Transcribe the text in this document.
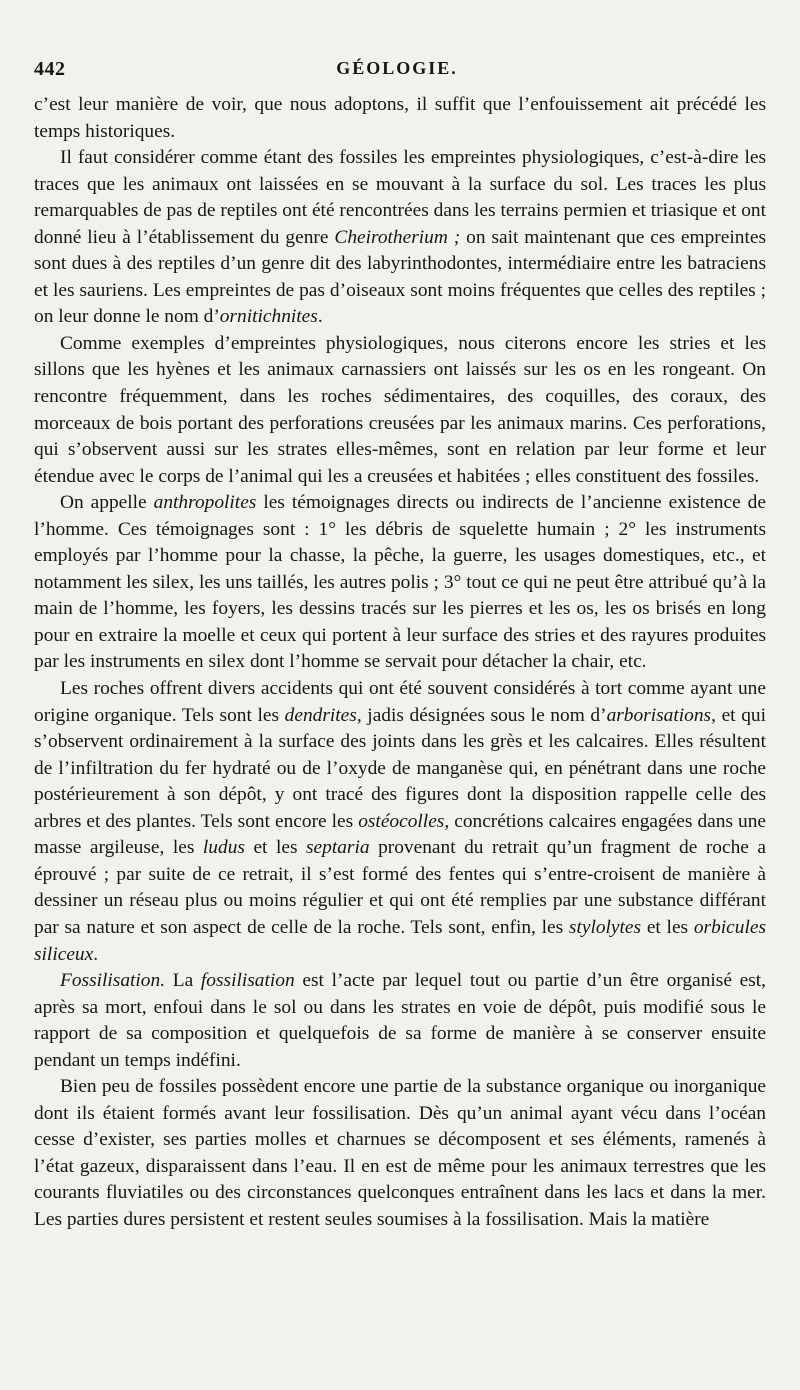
442	GÉOLOGIE.

c’est leur manière de voir, que nous adoptons, il suffit que l’enfouissement ait précédé les temps historiques.

Il faut considérer comme étant des fossiles les empreintes physiologiques, c’est-à-dire les traces que les animaux ont laissées en se mouvant à la surface du sol. Les traces les plus remarquables de pas de reptiles ont été rencontrées dans les terrains permien et triasique et ont donné lieu à l’établissement du genre Cheirotherium ; on sait maintenant que ces empreintes sont dues à des reptiles d’un genre dit des labyrinthodontes, intermédiaire entre les batraciens et les sauriens. Les empreintes de pas d’oiseaux sont moins fréquentes que celles des reptiles ; on leur donne le nom d’ornitichnites.

Comme exemples d’empreintes physiologiques, nous citerons encore les stries et les sillons que les hyènes et les animaux carnassiers ont laissés sur les os en les rongeant. On rencontre fréquemment, dans les roches sédimentaires, des coquilles, des coraux, des morceaux de bois portant des perforations creusées par les animaux marins. Ces perforations, qui s’observent aussi sur les strates elles-mêmes, sont en relation par leur forme et leur étendue avec le corps de l’animal qui les a creusées et habitées ; elles constituent des fossiles.

On appelle anthropolites les témoignages directs ou indirects de l’ancienne existence de l’homme. Ces témoignages sont : 1° les débris de squelette humain ; 2° les instruments employés par l’homme pour la chasse, la pêche, la guerre, les usages domestiques, etc., et notamment les silex, les uns taillés, les autres polis ; 3° tout ce qui ne peut être attribué qu’à la main de l’homme, les foyers, les dessins tracés sur les pierres et les os, les os brisés en long pour en extraire la moelle et ceux qui portent à leur surface des stries et des rayures produites par les instruments en silex dont l’homme se servait pour détacher la chair, etc.

Les roches offrent divers accidents qui ont été souvent considérés à tort comme ayant une origine organique. Tels sont les dendrites, jadis désignées sous le nom d’arborisations, et qui s’observent ordinairement à la surface des joints dans les grès et les calcaires. Elles résultent de l’infiltration du fer hydraté ou de l’oxyde de manganèse qui, en pénétrant dans une roche postérieurement à son dépôt, y ont tracé des figures dont la disposition rappelle celle des arbres et des plantes. Tels sont encore les ostéocolles, concrétions calcaires engagées dans une masse argileuse, les ludus et les septaria provenant du retrait qu’un fragment de roche a éprouvé ; par suite de ce retrait, il s’est formé des fentes qui s’entre-croisent de manière à dessiner un réseau plus ou moins régulier et qui ont été remplies par une substance différant par sa nature et son aspect de celle de la roche. Tels sont, enfin, les stylolytes et les orbicules siliceux.

Fossilisation. La fossilisation est l’acte par lequel tout ou partie d’un être organisé est, après sa mort, enfoui dans le sol ou dans les strates en voie de dépôt, puis modifié sous le rapport de sa composition et quelquefois de sa forme de manière à se conserver ensuite pendant un temps indéfini.

Bien peu de fossiles possèdent encore une partie de la substance organique ou inorganique dont ils étaient formés avant leur fossilisation. Dès qu’un animal ayant vécu dans l’océan cesse d’exister, ses parties molles et charnues se décomposent et ses éléments, ramenés à l’état gazeux, disparaissent dans l’eau. Il en est de même pour les animaux terrestres que les courants fluviatiles ou des circonstances quelconques entraînent dans les lacs et dans la mer. Les parties dures persistent et restent seules soumises à la fossilisation. Mais la matière
